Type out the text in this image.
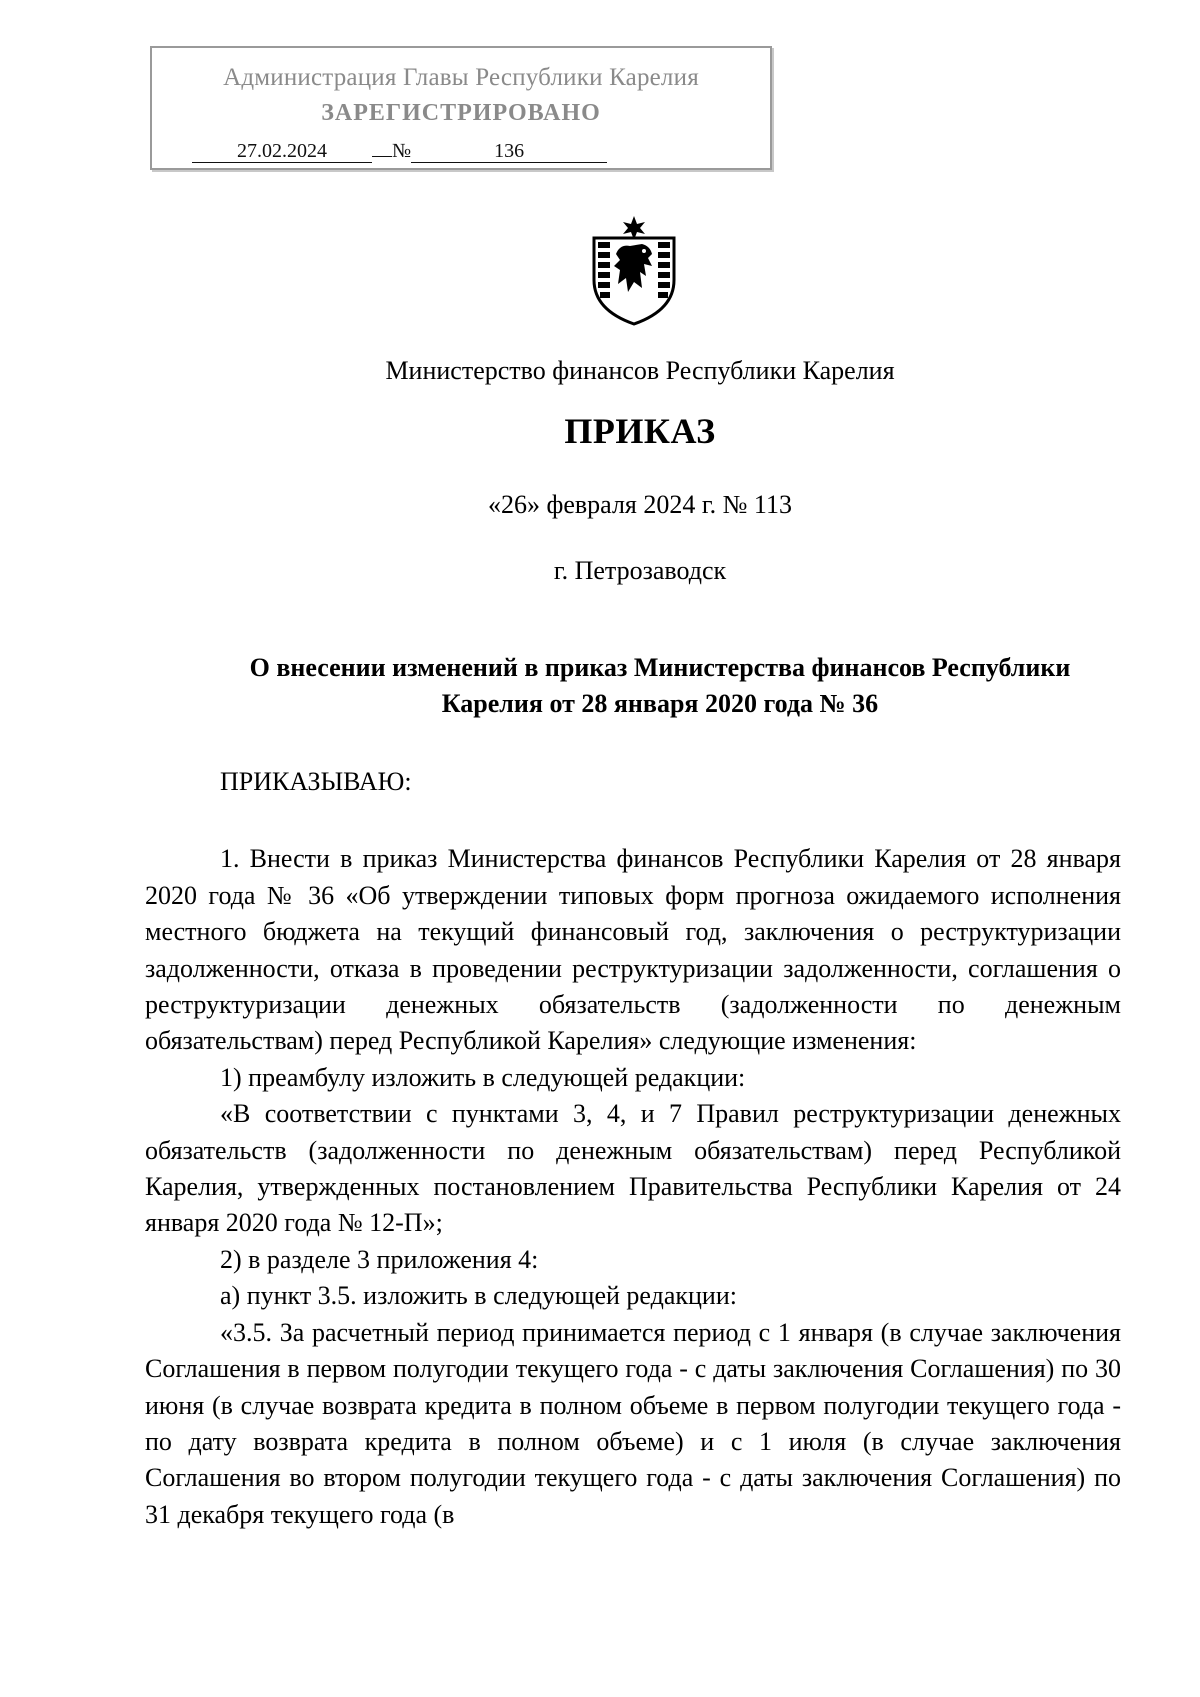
Администрация Главы Республики Карелия
ЗАРЕГИСТРИРОВАНО
27.02.2024	№	136
Министерство финансов Республики Карелия
ПРИКАЗ
«26» февраля 2024 г. № 113
г. Петрозаводск
О внесении изменений в приказ Министерства финансов Республики
Карелия от 28 января 2020 года № 36

ПРИКАЗЫВАЮ:

1. Внести в приказ Министерства финансов Республики Карелия от 28 января 2020 года № 36 «Об утверждении типовых форм прогноза ожидаемого исполнения местного бюджета на текущий финансовый год, заключения о реструктуризации задолженности, отказа в проведении реструктуризации задолженности, соглашения о реструктуризации денежных обязательств (задолженности по денежным обязательствам) перед Республикой Карелия» следующие изменения:

1) преамбулу изложить в следующей редакции:

«В соответствии с пунктами 3, 4, и 7 Правил реструктуризации денежных обязательств (задолженности по денежным обязательствам) перед Республикой Карелия, утвержденных постановлением Правительства Республики Карелия от 24 января 2020 года № 12-П»;

2) в разделе 3 приложения 4:

а) пункт 3.5. изложить в следующей редакции:

«3.5. За расчетный период принимается период с 1 января (в случае заключения Соглашения в первом полугодии текущего года - с даты заключения Соглашения) по 30 июня (в случае возврата кредита в полном объеме в первом полугодии текущего года - по дату возврата кредита в полном объеме) и с 1 июля (в случае заключения Соглашения во втором полугодии текущего года - с даты заключения Соглашения) по 31 декабря текущего года (в
